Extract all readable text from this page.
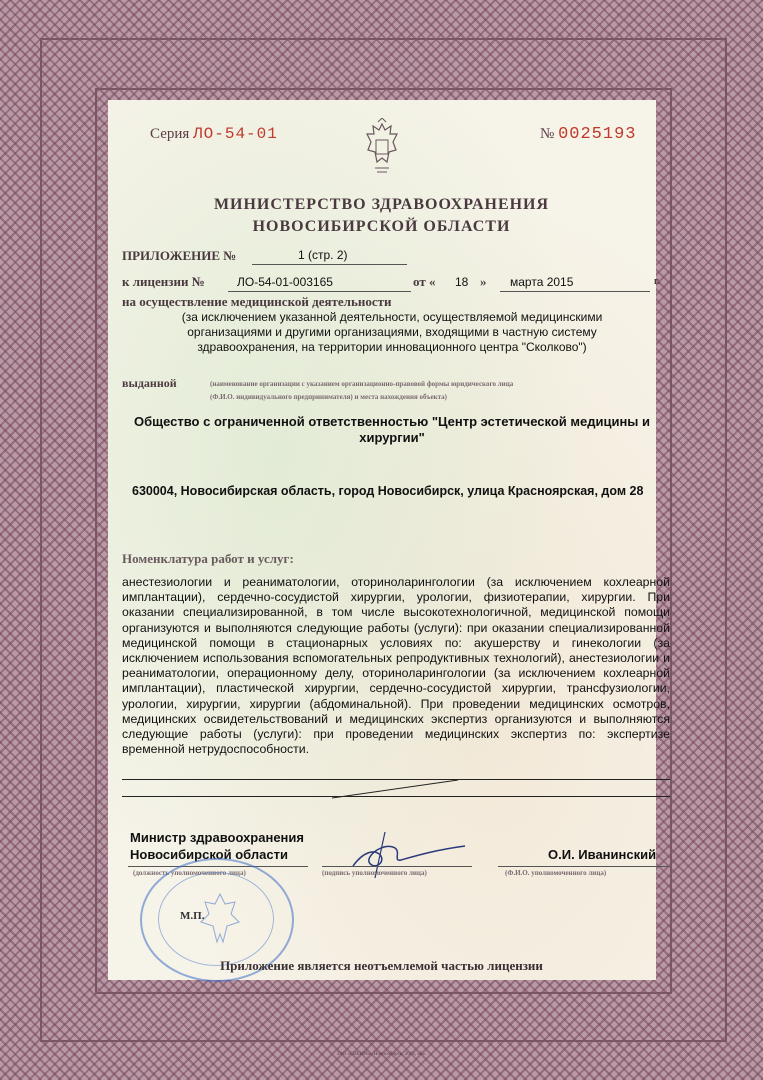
Серия ЛО-54-01	№ 0025193
МИНИСТЕРСТВО ЗДРАВООХРАНЕНИЯ
НОВОСИБИРСКОЙ ОБЛАСТИ
ПРИЛОЖЕНИЕ №	1 (стр. 2)
к лицензии №	ЛО-54-01-003165	от « 18 » марта 2015	г.
на осуществление медицинской деятельности
(за исключением указанной деятельности, осуществляемой медицинскими
организациями и другими организациями, входящими в частную систему
здравоохранения, на территории инновационного центра "Сколково")
выданной	(наименование организации с указанием организационно-правовой формы юридического лица
(Ф.И.О. индивидуального предпринимателя) и места нахождения объекта)
Общество с ограниченной ответственностью "Центр эстетической медицины и
хирургии"
630004, Новосибирская область, город Новосибирск, улица Красноярская, дом 28
Номенклатура работ и услуг:
анестезиологии и реаниматологии, оториноларингологии (за исключением кохлеарной имплантации), сердечно-сосудистой хирургии, урологии, физиотерапии, хирургии. При оказании специализированной, в том числе высокотехнологичной, медицинской помощи организуются и выполняются следующие работы (услуги): при оказании специализированной медицинской помощи в стационарных условиях по: акушерству и гинекологии (за исключением использования вспомогательных репродуктивных технологий), анестезиологии и реаниматологии, операционному делу, оториноларингологии (за исключением кохлеарной имплантации), пластической хирургии, сердечно-сосудистой хирургии, трансфузиологии, урологии, хирургии, хирургии (абдоминальной). При проведении медицинских осмотров, медицинских освидетельствований и медицинских экспертиз организуются и выполняются следующие работы (услуги): при проведении медицинских экспертиз по: экспертизе временной нетрудоспособности.
Министр здравоохранения
Новосибирской области	О.И. Иванинский
(должность уполномоченного лица)	(подпись уполномоченного лица)	(Ф.И.О. уполномоченного лица)
М.П.
Приложение является неотъемлемой частью лицензии
ЗАО «СИБИРЬ», Новосибирск, 2014, «Б».
